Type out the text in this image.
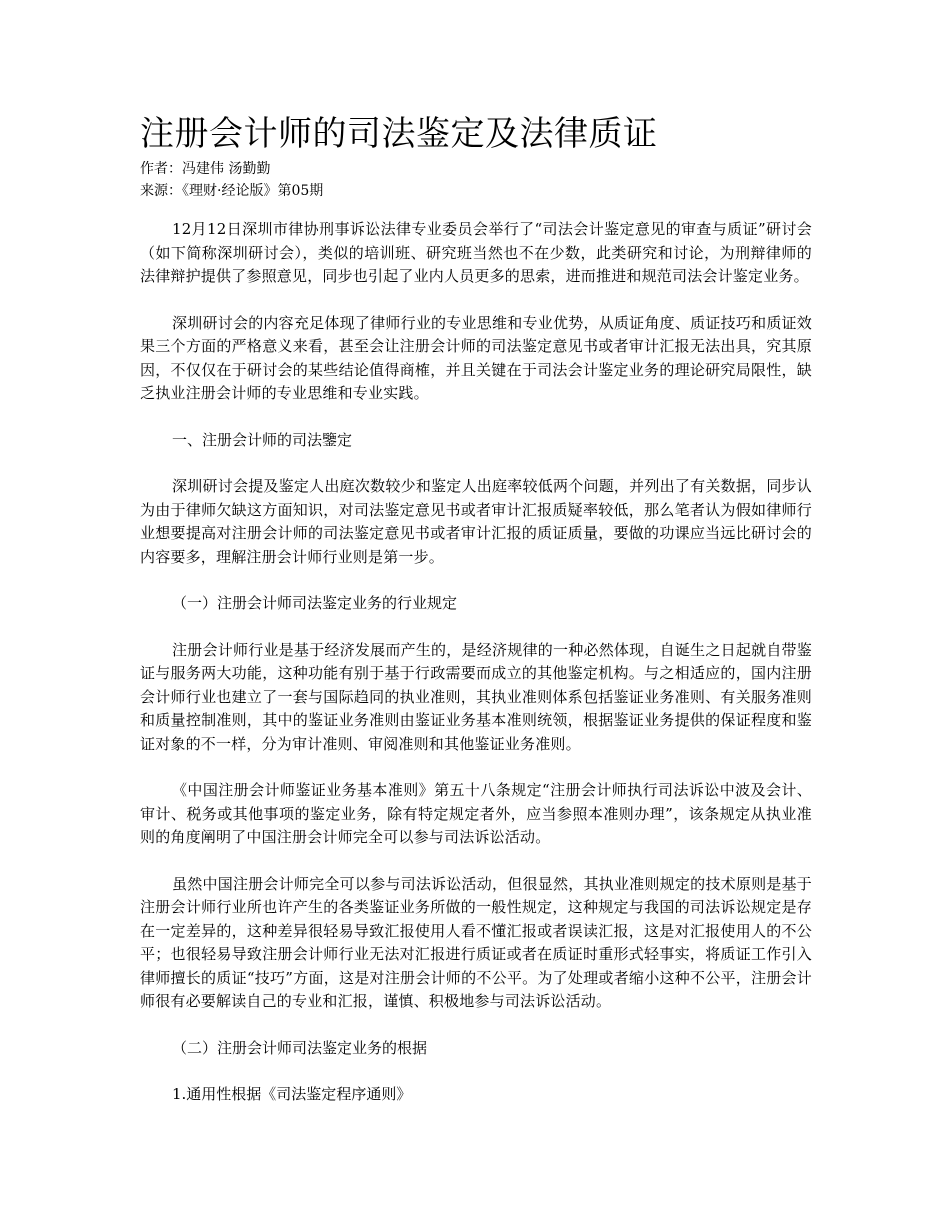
注册会计师的司法鉴定及法律质证

作者：冯建伟 汤勤勤

来源：《理财·经论版》第05期

12月12日深圳市律协刑事诉讼法律专业委员会举行了“司法会计鉴定意见的审查与质证”研讨会（如下简称深圳研讨会），类似的培训班、研究班当然也不在少数，此类研究和讨论，为刑辩律师的法律辩护提供了参照意见，同步也引起了业内人员更多的思索，进而推进和规范司法会计鉴定业务。

深圳研讨会的内容充足体现了律师行业的专业思维和专业优势，从质证角度、质证技巧和质证效果三个方面的严格意义来看，甚至会让注册会计师的司法鉴定意见书或者审计汇报无法出具，究其原因，不仅仅在于研讨会的某些结论值得商榷，并且关键在于司法会计鉴定业务的理论研究局限性，缺乏执业注册会计师的专业思维和专业实践。

一、注册会计师的司法鑒定

深圳研讨会提及鉴定人出庭次数较少和鉴定人出庭率较低两个问题，并列出了有关数据，同步认为由于律师欠缺这方面知识，对司法鉴定意见书或者审计汇报质疑率较低，那么笔者认为假如律师行业想要提高对注册会计师的司法鉴定意见书或者审计汇报的质证质量，要做的功课应当远比研讨会的内容要多，理解注册会计师行业则是第一步。

（一）注册会计师司法鉴定业务的行业规定

注册会计师行业是基于经济发展而产生的，是经济规律的一种必然体现，自诞生之日起就自带鉴证与服务两大功能，这种功能有别于基于行政需要而成立的其他鉴定机构。与之相适应的，国内注册会计师行业也建立了一套与国际趋同的执业准则，其执业准则体系包括鉴证业务准则、有关服务准则和质量控制准则，其中的鉴证业务准则由鉴证业务基本准则统领，根据鉴证业务提供的保证程度和鉴证对象的不一样，分为审计准则、审阅准则和其他鉴证业务准则。

《中国注册会计师鉴证业务基本准则》第五十八条规定“注册会计师执行司法诉讼中波及会计、审计、税务或其他事项的鉴定业务，除有特定规定者外，应当参照本准则办理”，该条规定从执业准则的角度阐明了中国注册会计师完全可以参与司法诉讼活动。

虽然中国注册会计师完全可以参与司法诉讼活动，但很显然，其执业准则规定的技术原则是基于注册会计师行业所也许产生的各类鉴证业务所做的一般性规定，这种规定与我国的司法诉讼规定是存在一定差异的，这种差异很轻易导致汇报使用人看不懂汇报或者误读汇报，这是对汇报使用人的不公平；也很轻易导致注册会计师行业无法对汇报进行质证或者在质证时重形式轻事实，将质证工作引入律师擅长的质证“技巧”方面，这是对注册会计师的不公平。为了处理或者缩小这种不公平，注册会计师很有必要解读自己的专业和汇报，谨慎、积极地参与司法诉讼活动。

（二）注册会计师司法鉴定业务的根据

1.通用性根据《司法鉴定程序通则》
